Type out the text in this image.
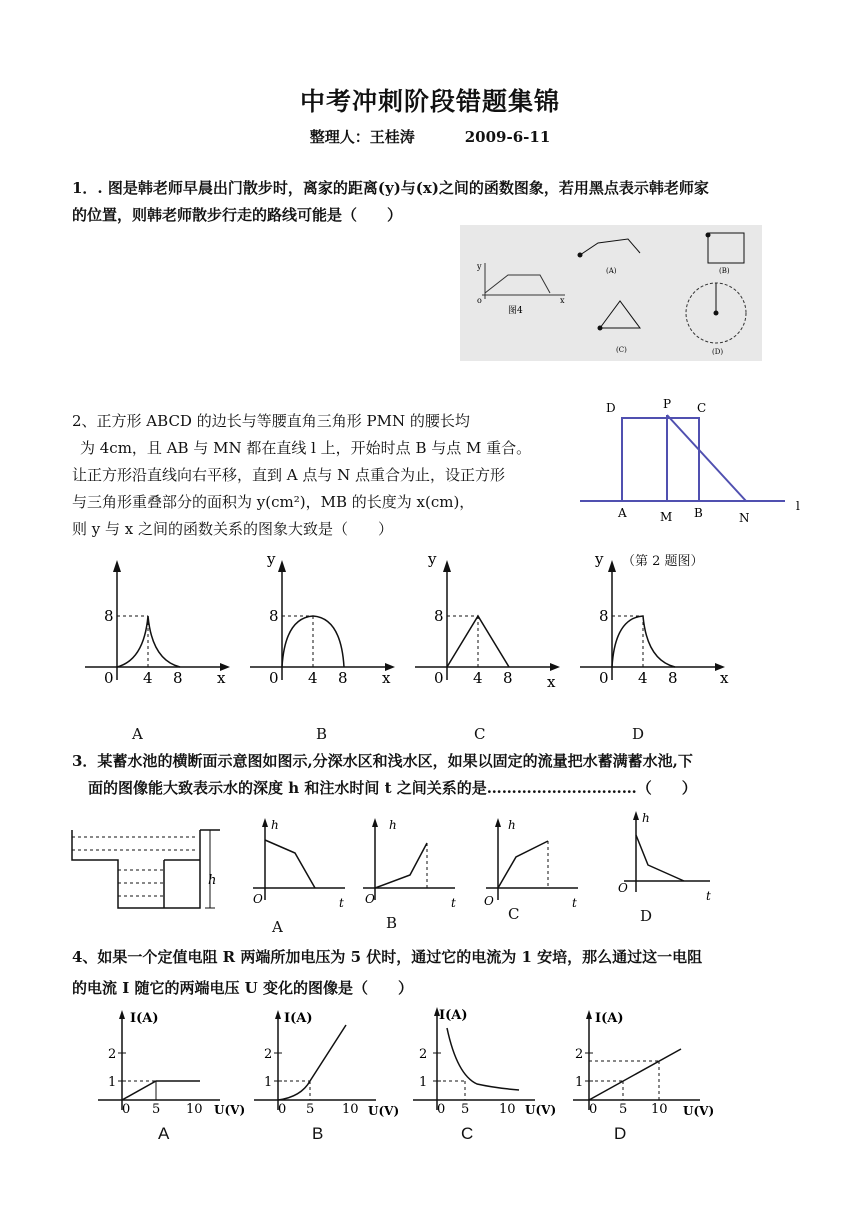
中考冲刺阶段错题集锦
整理人：王桂涛	2009-6-11
1．. 图是韩老师早晨出门散步时，离家的距离(y)与(x)之间的函数图象，若用黑点表示韩老师家
的位置，则韩老师散步行走的路线可能是（　　）
y
x
o
图4
(A)	(B)
(C)	(D)
2、正方形 ABCD 的边长与等腰直角三角形 PMN 的腰长均
为 4cm，且 AB 与 MN 都在直线 l 上，开始时点 B 与点 M 重合。
让正方形沿直线向右平移，直到 A 点与 N 点重合为止，设正方形
与三角形重叠部分的面积为 y(cm²)，MB 的长度为 x(cm)，
则 y 与 x 之间的函数关系的图象大致是（　　）
D	P C
A	M B	N
l
（第 2 题图）
8
0 4 8 x
y
8
0 4 8 x
y
8
0 4 8 x
y
8
0 4 8	x
A	B	C	D
3．某蓄水池的横断面示意图如图示,分深水区和浅水区，如果以固定的流量把水蓄满蓄水池,下
面的图像能大致表示水的深度 h 和注水时间 t 之间关系的是…………………………（　　）
h
h
O	t
h
O	t
h
O	t
h
O
t
A	B	C	D
4、如果一个定值电阻 R 两端所加电压为 5 伏时，通过它的电流为 1 安培，那么通过这一电阻
的电流 I 随它的两端电压 U 变化的图像是（　　）
I(A)
2
1
0 5 10 U(V)
I(A)
2
1
0 5 10 U(V)
I(A)
2
1
0 5 10 U(V)
I(A)
2
1
0 5 10 U(V)
A	B	C	D
